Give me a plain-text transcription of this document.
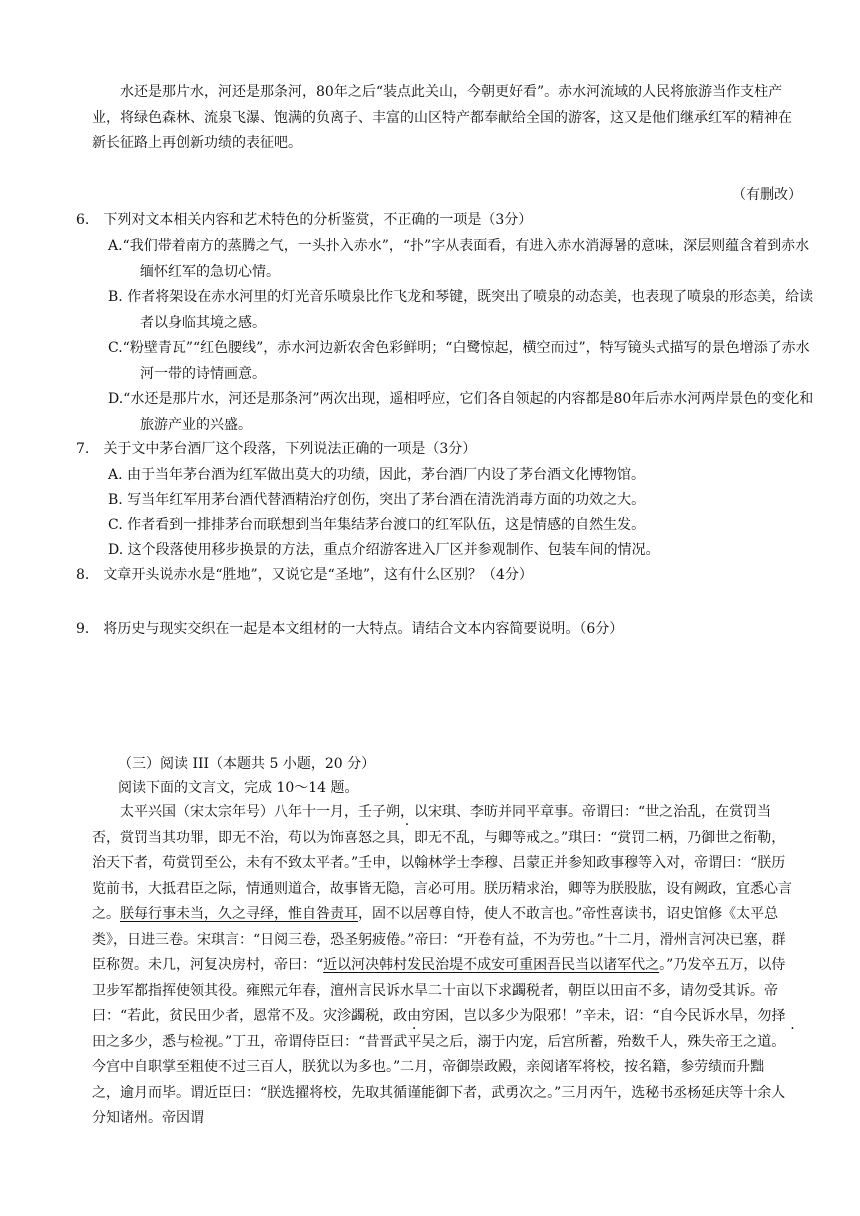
水还是那片水，河还是那条河，80年之后“装点此关山，今朝更好看”。赤水河流域的人民将旅游当作支柱产业，将绿色森林、流泉飞瀑、饱满的负离子、丰富的山区特产都奉献给全国的游客，这又是他们继承红军的精神在新长征路上再创新功绩的表征吧。
（有删改）
6.　下列对文本相关内容和艺术特色的分析鉴赏，不正确的一项是（3分）
A.“我们带着南方的蒸腾之气，一头扑入赤水”，“扑”字从表面看，有进入赤水消溽暑的意味，深层则蕴含着到赤水缅怀红军的急切心情。
B. 作者将架设在赤水河里的灯光音乐喷泉比作飞龙和琴键，既突出了喷泉的动态美，也表现了喷泉的形态美，给读者以身临其境之感。
C.“粉壁青瓦”“红色腰线”，赤水河边新农舍色彩鲜明；“白鹭惊起，横空而过”，特写镜头式描写的景色增添了赤水河一带的诗情画意。
D.“水还是那片水，河还是那条河”两次出现，遥相呼应，它们各自领起的内容都是80年后赤水河两岸景色的变化和旅游产业的兴盛。
7.　关于文中茅台酒厂这个段落，下列说法正确的一项是（3分）
A. 由于当年茅台酒为红军做出莫大的功绩，因此，茅台酒厂内设了茅台酒文化博物馆。
B. 写当年红军用茅台酒代替酒精治疗创伤，突出了茅台酒在清洗消毒方面的功效之大。
C. 作者看到一排排茅台而联想到当年集结茅台渡口的红军队伍，这是情感的自然生发。
D. 这个段落使用移步换景的方法，重点介绍游客进入厂区并参观制作、包装车间的情况。
8.　文章开头说赤水是“胜地”，又说它是“圣地”，这有什么区别？（4分）
9.　将历史与现实交织在一起是本文组材的一大特点。请结合文本内容简要说明。（6分）
（三）阅读 III（本题共 5 小题，20 分）
阅读下面的文言文，完成 10～14 题。
太平兴国（宋太宗年号）八年十一月，壬子朔，以宋琪、李昉并同平章事。帝谓曰：“世之治乱，在赏罚当否，赏罚当其功罪，即无不治，苟以为饰喜怒之具，即无不乱，与卿等戒之。”琪曰：“赏罚二柄，乃御世之衔勒，治天下者，苟赏罚至公，未有不致太平者。”壬申，以翰林学士李穆、吕蒙正并参知政事穆等入对，帝谓曰：“朕历览前书，大抵君臣之际，情通则道合，故事皆无隐，言必可用。朕历精求治，卿等为朕股肱，设有阙政，宜悉心言之。朕每行事未当，久之寻绎，惟自咎责耳，固不以居尊自恃，使人不敢言也。”帝性喜读书，诏史馆修《太平总类》，日进三卷。宋琪言：“日阅三卷，恐圣躬疲倦。”帝曰：“开卷有益，不为劳也。”十二月，滑州言河决已塞，群臣称贺。未几，河复决房村，帝曰：“近以河决韩村发民治堤不成安可重困吾民当以诸军代之。”乃发卒五万，以侍卫步军都指挥使领其役。雍熙元年春，澶州言民诉水旱二十亩以下求蠲税者，朝臣以田亩不多，请勿受其诉。帝曰：“若此，贫民田少者，恩常不及。灾沴蠲税，政由穷困，岂以多少为限邪！”辛未，诏：“自今民诉水旱，勿择田之多少，悉与检视。”丁丑，帝谓侍臣曰：“昔晋武平吴之后，溺于内宠，后宫所蓄，殆数千人，殊失帝王之道。今宫中自职掌至粗使不过三百人，朕犹以为多也。”二月，帝御崇政殿，亲阅诸军将校，按名籍，参劳绩而升黜之，逾月而毕。谓近臣曰：“朕选擢将校，先取其循谨能御下者，武勇次之。”三月丙午，选秘书丞杨延庆等十余人分知诸州。帝因谓
